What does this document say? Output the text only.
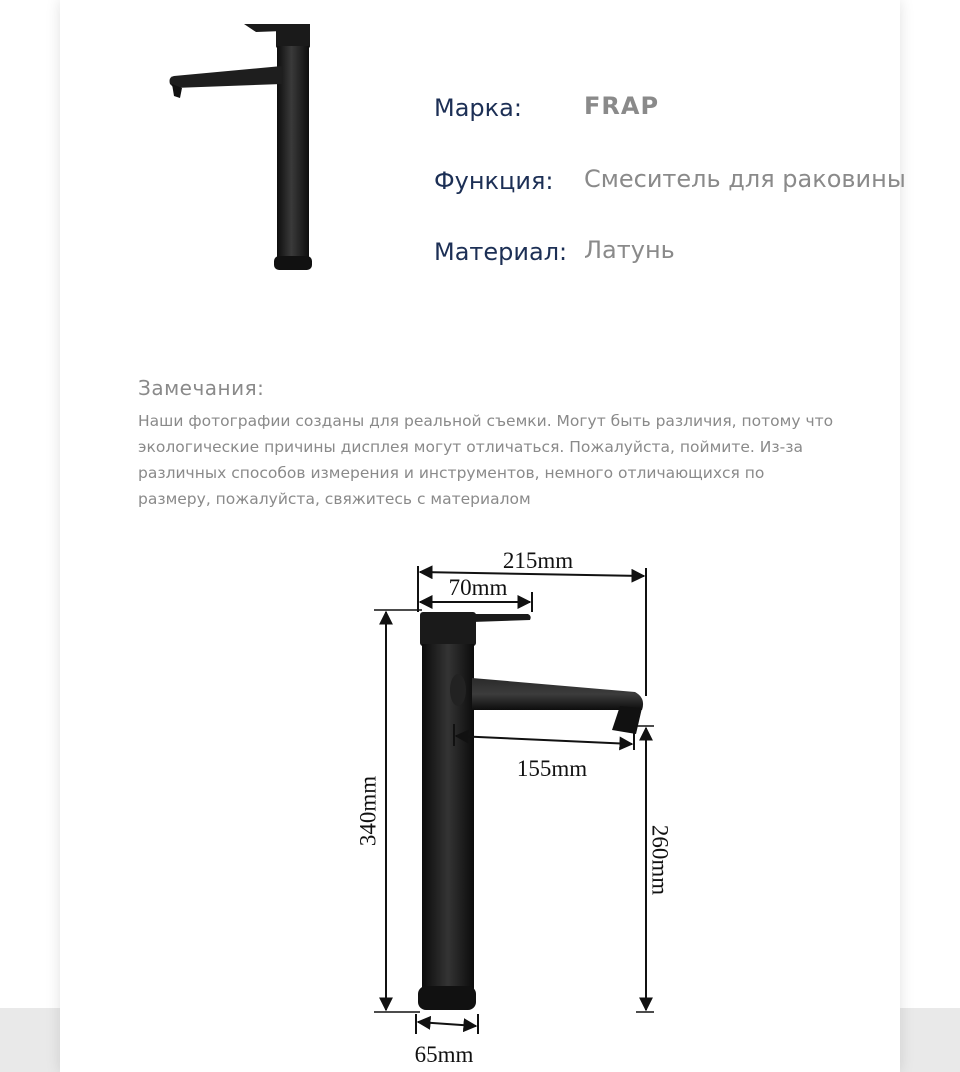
Марка:	FRAP
Функция: Смеситель для раковины
Материал: Латунь
Замечания:
Наши фотографии созданы для реальной съемки. Могут быть различия, потому что экологические причины дисплея могут отличаться. Пожалуйста, поймите. Из-за различных способов измерения и инструментов, немного отличающихся по размеру, пожалуйста, свяжитесь с материалом
215mm
70mm
155mm
340mm
260mm
65mm
